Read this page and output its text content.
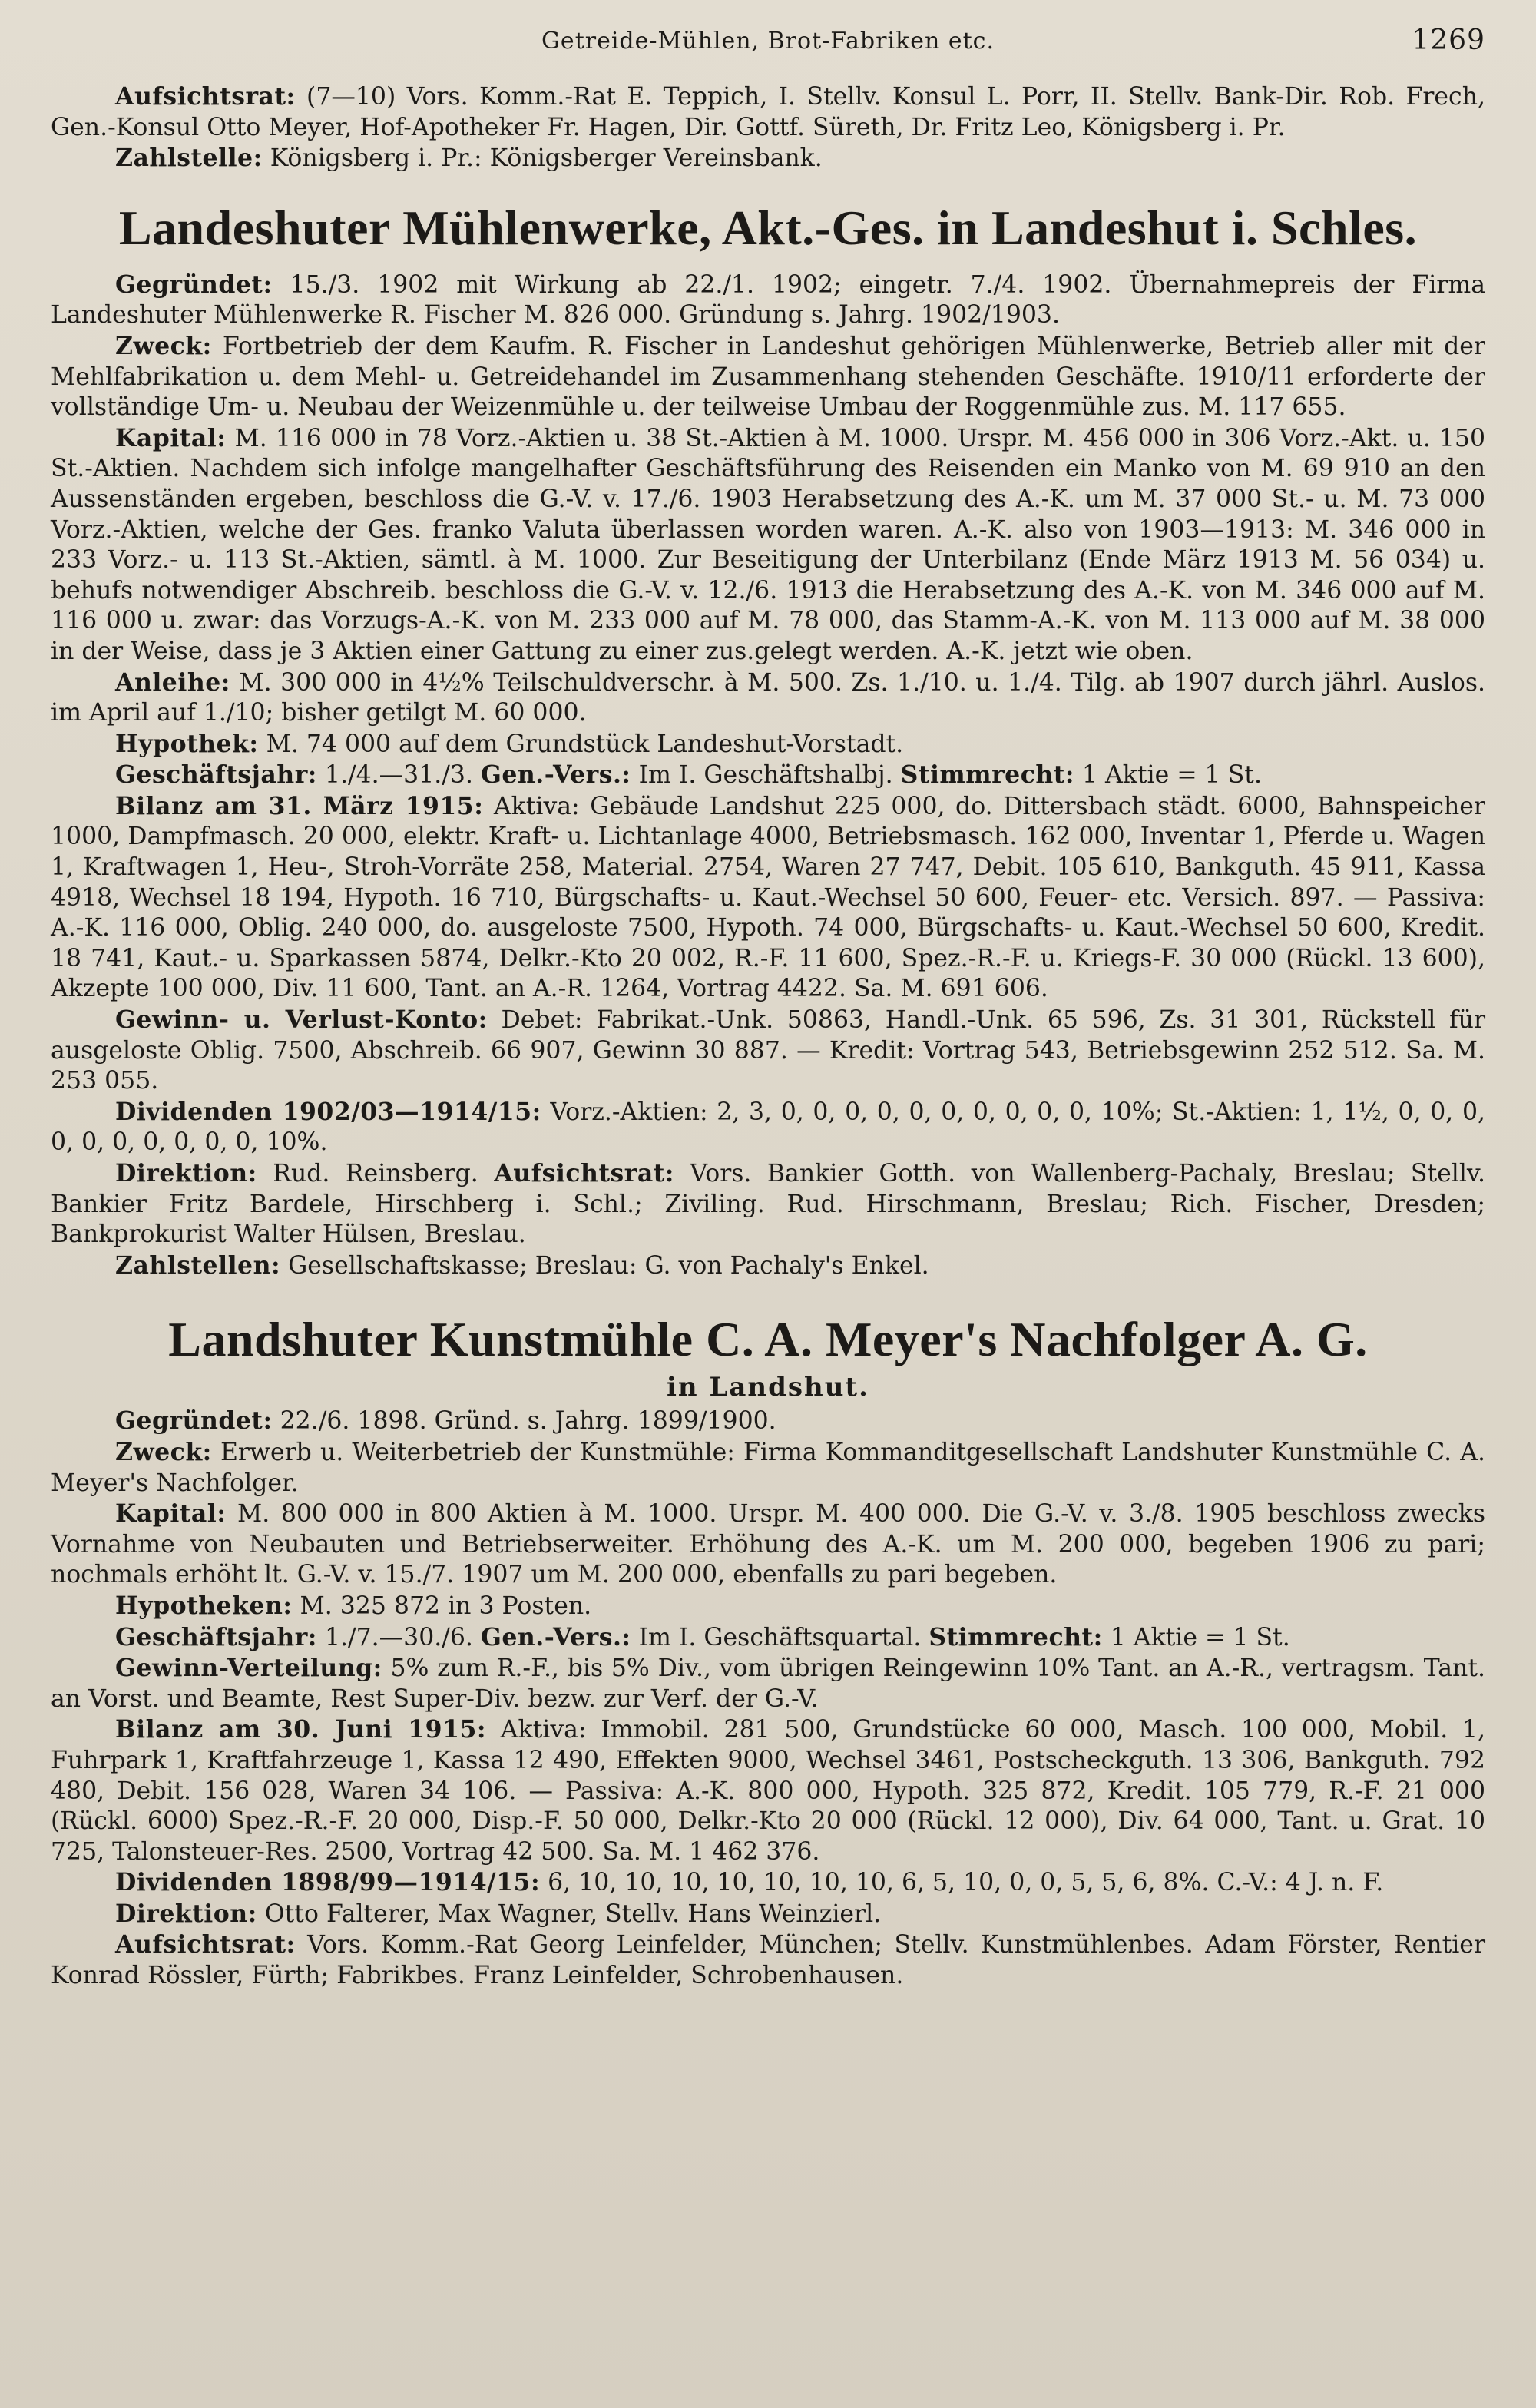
Getreide-Mühlen, Brot-Fabriken etc.	1269

Aufsichtsrat: (7—10) Vors. Komm.-Rat E. Teppich, I. Stellv. Konsul L. Porr, II. Stellv. Bank-Dir. Rob. Frech, Gen.-Konsul Otto Meyer, Hof-Apotheker Fr. Hagen, Dir. Gottf. Süreth, Dr. Fritz Leo, Königsberg i. Pr.

Zahlstelle: Königsberg i. Pr.: Königsberger Vereinsbank.

Landeshuter Mühlenwerke, Akt.-Ges. in Landeshut i. Schles.

Gegründet: 15./3. 1902 mit Wirkung ab 22./1. 1902; eingetr. 7./4. 1902. Übernahmepreis der Firma Landeshuter Mühlenwerke R. Fischer M. 826 000. Gründung s. Jahrg. 1902/1903.

Zweck: Fortbetrieb der dem Kaufm. R. Fischer in Landeshut gehörigen Mühlenwerke, Betrieb aller mit der Mehlfabrikation u. dem Mehl- u. Getreidehandel im Zusammenhang stehenden Geschäfte. 1910/11 erforderte der vollständige Um- u. Neubau der Weizenmühle u. der teilweise Umbau der Roggenmühle zus. M. 117 655.

Kapital: M. 116 000 in 78 Vorz.-Aktien u. 38 St.-Aktien à M. 1000. Urspr. M. 456 000 in 306 Vorz.-Akt. u. 150 St.-Aktien. Nachdem sich infolge mangelhafter Geschäftsführung des Reisenden ein Manko von M. 69 910 an den Aussenständen ergeben, beschloss die G.-V. v. 17./6. 1903 Herabsetzung des A.-K. um M. 37 000 St.- u. M. 73 000 Vorz.-Aktien, welche der Ges. franko Valuta überlassen worden waren. A.-K. also von 1903—1913: M. 346 000 in 233 Vorz.- u. 113 St.-Aktien, sämtl. à M. 1000. Zur Beseitigung der Unterbilanz (Ende März 1913 M. 56 034) u. behufs notwendiger Abschreib. beschloss die G.-V. v. 12./6. 1913 die Herabsetzung des A.-K. von M. 346 000 auf M. 116 000 u. zwar: das Vorzugs-A.-K. von M. 233 000 auf M. 78 000, das Stamm-A.-K. von M. 113 000 auf M. 38 000 in der Weise, dass je 3 Aktien einer Gattung zu einer zus.gelegt werden. A.-K. jetzt wie oben.

Anleihe: M. 300 000 in 4½% Teilschuldverschr. à M. 500. Zs. 1./10. u. 1./4. Tilg. ab 1907 durch jährl. Auslos. im April auf 1./10; bisher getilgt M. 60 000.

Hypothek: M. 74 000 auf dem Grundstück Landeshut-Vorstadt.

Geschäftsjahr: 1./4.—31./3. Gen.-Vers.: Im I. Geschäftshalbj. Stimmrecht: 1 Aktie = 1 St.

Bilanz am 31. März 1915: Aktiva: Gebäude Landshut 225 000, do. Dittersbach städt. 6000, Bahnspeicher 1000, Dampfmasch. 20 000, elektr. Kraft- u. Lichtanlage 4000, Betriebsmasch. 162 000, Inventar 1, Pferde u. Wagen 1, Kraftwagen 1, Heu-, Stroh-Vorräte 258, Material. 2754, Waren 27 747, Debit. 105 610, Bankguth. 45 911, Kassa 4918, Wechsel 18 194, Hypoth. 16 710, Bürgschafts- u. Kaut.-Wechsel 50 600, Feuer- etc. Versich. 897. — Passiva: A.-K. 116 000, Oblig. 240 000, do. ausgeloste 7500, Hypoth. 74 000, Bürgschafts- u. Kaut.-Wechsel 50 600, Kredit. 18 741, Kaut.- u. Sparkassen 5874, Delkr.-Kto 20 002, R.-F. 11 600, Spez.-R.-F. u. Kriegs-F. 30 000 (Rückl. 13 600), Akzepte 100 000, Div. 11 600, Tant. an A.-R. 1264, Vortrag 4422. Sa. M. 691 606.

Gewinn- u. Verlust-Konto: Debet: Fabrikat.-Unk. 50863, Handl.-Unk. 65 596, Zs. 31 301, Rückstell für ausgeloste Oblig. 7500, Abschreib. 66 907, Gewinn 30 887. — Kredit: Vortrag 543, Betriebsgewinn 252 512. Sa. M. 253 055.

Dividenden 1902/03—1914/15: Vorz.-Aktien: 2, 3, 0, 0, 0, 0, 0, 0, 0, 0, 0, 0, 10%; St.-Aktien: 1, 1½, 0, 0, 0, 0, 0, 0, 0, 0, 0, 0, 10%.

Direktion: Rud. Reinsberg. Aufsichtsrat: Vors. Bankier Gotth. von Wallenberg-Pachaly, Breslau; Stellv. Bankier Fritz Bardele, Hirschberg i. Schl.; Ziviling. Rud. Hirschmann, Breslau; Rich. Fischer, Dresden; Bankprokurist Walter Hülsen, Breslau.

Zahlstellen: Gesellschaftskasse; Breslau: G. von Pachaly's Enkel.

Landshuter Kunstmühle C. A. Meyer's Nachfolger A. G.
in Landshut.

Gegründet: 22./6. 1898. Gründ. s. Jahrg. 1899/1900.

Zweck: Erwerb u. Weiterbetrieb der Kunstmühle: Firma Kommanditgesellschaft Landshuter Kunstmühle C. A. Meyer's Nachfolger.

Kapital: M. 800 000 in 800 Aktien à M. 1000. Urspr. M. 400 000. Die G.-V. v. 3./8. 1905 beschloss zwecks Vornahme von Neubauten und Betriebserweiter. Erhöhung des A.-K. um M. 200 000, begeben 1906 zu pari; nochmals erhöht lt. G.-V. v. 15./7. 1907 um M. 200 000, ebenfalls zu pari begeben.

Hypotheken: M. 325 872 in 3 Posten.

Geschäftsjahr: 1./7.—30./6. Gen.-Vers.: Im I. Geschäftsquartal. Stimmrecht: 1 Aktie = 1 St.

Gewinn-Verteilung: 5% zum R.-F., bis 5% Div., vom übrigen Reingewinn 10% Tant. an A.-R., vertragsm. Tant. an Vorst. und Beamte, Rest Super-Div. bezw. zur Verf. der G.-V.

Bilanz am 30. Juni 1915: Aktiva: Immobil. 281 500, Grundstücke 60 000, Masch. 100 000, Mobil. 1, Fuhrpark 1, Kraftfahrzeuge 1, Kassa 12 490, Effekten 9000, Wechsel 3461, Postscheckguth. 13 306, Bankguth. 792 480, Debit. 156 028, Waren 34 106. — Passiva: A.-K. 800 000, Hypoth. 325 872, Kredit. 105 779, R.-F. 21 000 (Rückl. 6000) Spez.-R.-F. 20 000, Disp.-F. 50 000, Delkr.-Kto 20 000 (Rückl. 12 000), Div. 64 000, Tant. u. Grat. 10 725, Talonsteuer-Res. 2500, Vortrag 42 500. Sa. M. 1 462 376.

Dividenden 1898/99—1914/15: 6, 10, 10, 10, 10, 10, 10, 10, 6, 5, 10, 0, 0, 5, 5, 6, 8%. C.-V.: 4 J. n. F.

Direktion: Otto Falterer, Max Wagner, Stellv. Hans Weinzierl.

Aufsichtsrat: Vors. Komm.-Rat Georg Leinfelder, München; Stellv. Kunstmühlenbes. Adam Förster, Rentier Konrad Rössler, Fürth; Fabrikbes. Franz Leinfelder, Schrobenhausen.
